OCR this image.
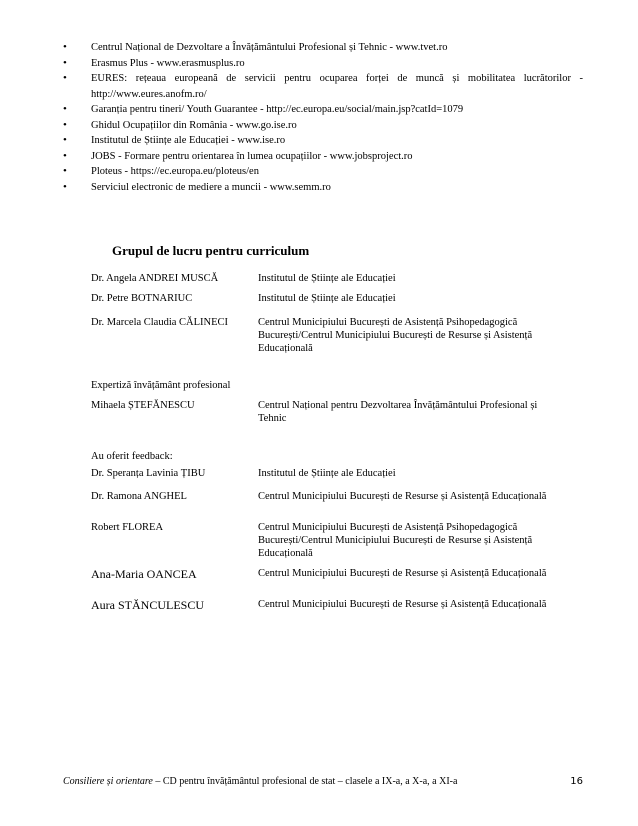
• Centrul Național de Dezvoltare a Învățământului Profesional și Tehnic - www.tvet.ro
• Erasmus Plus - www.erasmusplus.ro
• EURES: rețeaua europeană de servicii pentru ocuparea forței de muncă și mobilitatea lucrătorilor - http://www.eures.anofm.ro/
• Garanția pentru tineri/ Youth Guarantee - http://ec.europa.eu/social/main.jsp?catId=1079
• Ghidul Ocupațiilor din România - www.go.ise.ro
• Institutul de Științe ale Educației - www.ise.ro
• JOBS - Formare pentru orientarea în lumea ocupațiilor - www.jobsproject.ro
• Ploteus - https://ec.europa.eu/ploteus/en
• Serviciul electronic de mediere a muncii - www.semm.ro
Grupul de lucru pentru curriculum
Dr. Angela ANDREI MUSCĂ	Institutul de Științe ale Educației
Dr. Petre BOTNARIUC	Institutul de Științe ale Educației
Dr. Marcela Claudia CĂLINECI	Centrul Municipiului București de Asistență Psihopedagogică București/Centrul Municipiului București de Resurse și Asistență Educațională
Expertiză învățământ profesional
Mihaela ȘTEFĂNESCU	Centrul Național pentru Dezvoltarea Învățământului Profesional și Tehnic
Au oferit feedback:
Dr. Speranța Lavinia ȚIBU	Institutul de Științe ale Educației
Dr. Ramona ANGHEL	Centrul Municipiului București de Resurse și Asistență Educațională
Robert FLOREA	Centrul Municipiului București de Asistență Psihopedagogică București/Centrul Municipiului București de Resurse și Asistență Educațională
Ana-Maria OANCEA	Centrul Municipiului București de Resurse și Asistență Educațională
Aura STĂNCULESCU	Centrul Municipiului București de Resurse și Asistență Educațională
Consiliere și orientare – CD pentru învățământul profesional de stat – clasele a IX-a, a X-a, a XI-a	16
